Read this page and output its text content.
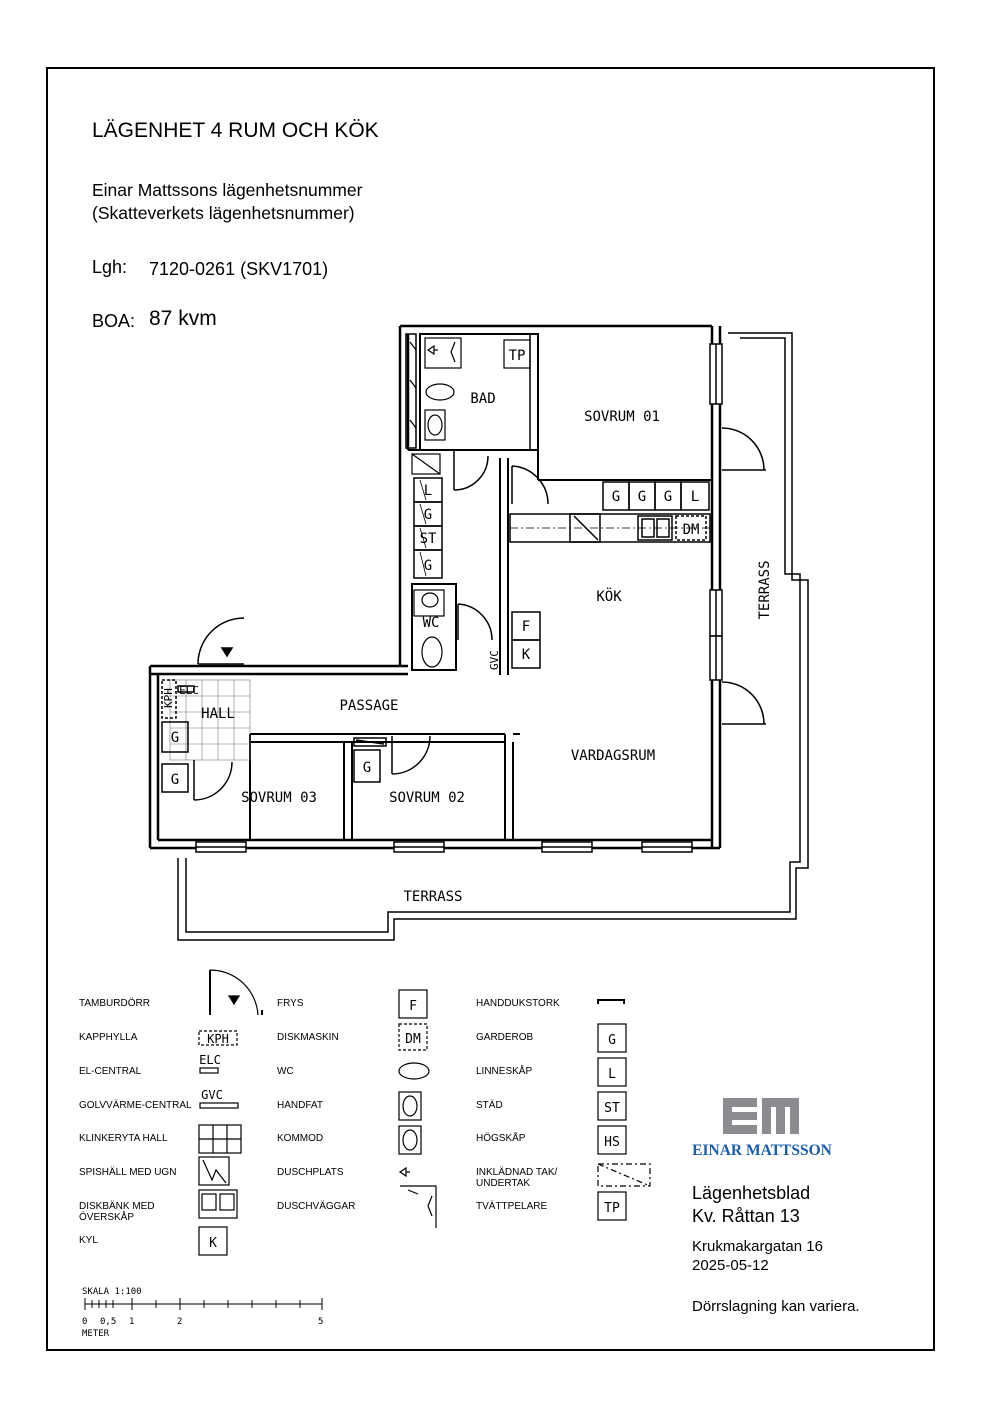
LÄGENHET 4 RUM OCH KÖK
Einar Mattssons lägenhetsnummer
(Skatteverkets lägenhetsnummer)
Lgh: 7120-0261 (SKV1701)
BOA: 87 kvm
TP
L
G
ST
G
G G G L
DM
F
K
G
G
G
ELC
KPH
GVC
BAD
SOVRUM 01
KÖK
WC
HALL	PASSAGE
VARDAGSRUM
SOVRUM 03	SOVRUM 02
TERRASS
TERRASS
KPH
ELC
GVC
K
F
DM	G
L
ST
HS
TP
SKALA 1:100
0 0,5 1	2	5
METER
TAMBURDÖRR
KAPPHYLLA
EL-CENTRAL
GOLVVÄRME-CENTRAL
KLINKERYTA HALL
SPISHÄLL MED UGN
DISKBÄNK MED
ÖVERSKÅP
KYL
FRYS
DISKMASKIN
WC
HANDFAT
KOMMOD
DUSCHPLATS
DUSCHVÄGGAR
HANDDUKSTORK
GARDEROB
LINNESKÅP
STÄD
HÖGSKÅP
INKLÄDNAD TAK/
UNDERTAK
TVÄTTPELARE
EINAR MATTSSON
Lägenhetsblad
Kv. Råttan 13
Krukmakargatan 16
2025-05-12
Dörrslagning kan variera.
